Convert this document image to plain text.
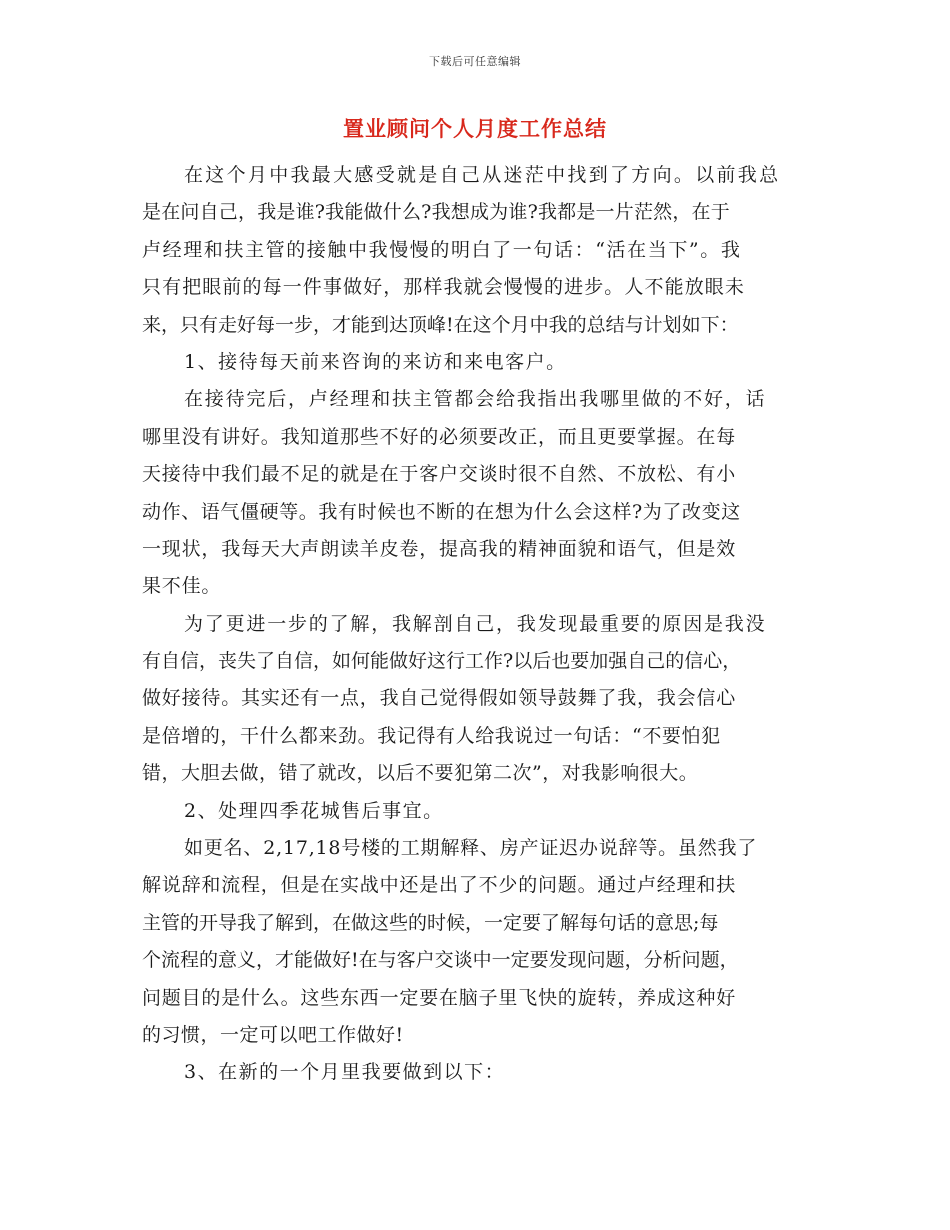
下载后可任意编辑
置业顾问个人月度工作总结
在这个月中我最大感受就是自己从迷茫中找到了方向。以前我总
是在问自己，我是谁?我能做什么?我想成为谁?我都是一片茫然，在于
卢经理和扶主管的接触中我慢慢的明白了一句话：“活在当下”。我
只有把眼前的每一件事做好，那样我就会慢慢的进步。人不能放眼未
来，只有走好每一步，才能到达顶峰!在这个月中我的总结与计划如下：
1、接待每天前来咨询的来访和来电客户。
在接待完后，卢经理和扶主管都会给我指出我哪里做的不好，话
哪里没有讲好。我知道那些不好的必须要改正，而且更要掌握。在每
天接待中我们最不足的就是在于客户交谈时很不自然、不放松、有小
动作、语气僵硬等。我有时候也不断的在想为什么会这样?为了改变这
一现状，我每天大声朗读羊皮卷，提高我的精神面貌和语气，但是效
果不佳。
为了更进一步的了解，我解剖自己，我发现最重要的原因是我没
有自信，丧失了自信，如何能做好这行工作?以后也要加强自己的信心，
做好接待。其实还有一点，我自己觉得假如领导鼓舞了我，我会信心
是倍增的，干什么都来劲。我记得有人给我说过一句话：“不要怕犯
错，大胆去做，错了就改，以后不要犯第二次”，对我影响很大。
2、处理四季花城售后事宜。
如更名、2,17,18号楼的工期解释、房产证迟办说辞等。虽然我了
解说辞和流程，但是在实战中还是出了不少的问题。通过卢经理和扶
主管的开导我了解到，在做这些的时候，一定要了解每句话的意思;每
个流程的意义，才能做好!在与客户交谈中一定要发现问题，分析问题，
问题目的是什么。这些东西一定要在脑子里飞快的旋转，养成这种好
的习惯，一定可以吧工作做好!
3、在新的一个月里我要做到以下：
